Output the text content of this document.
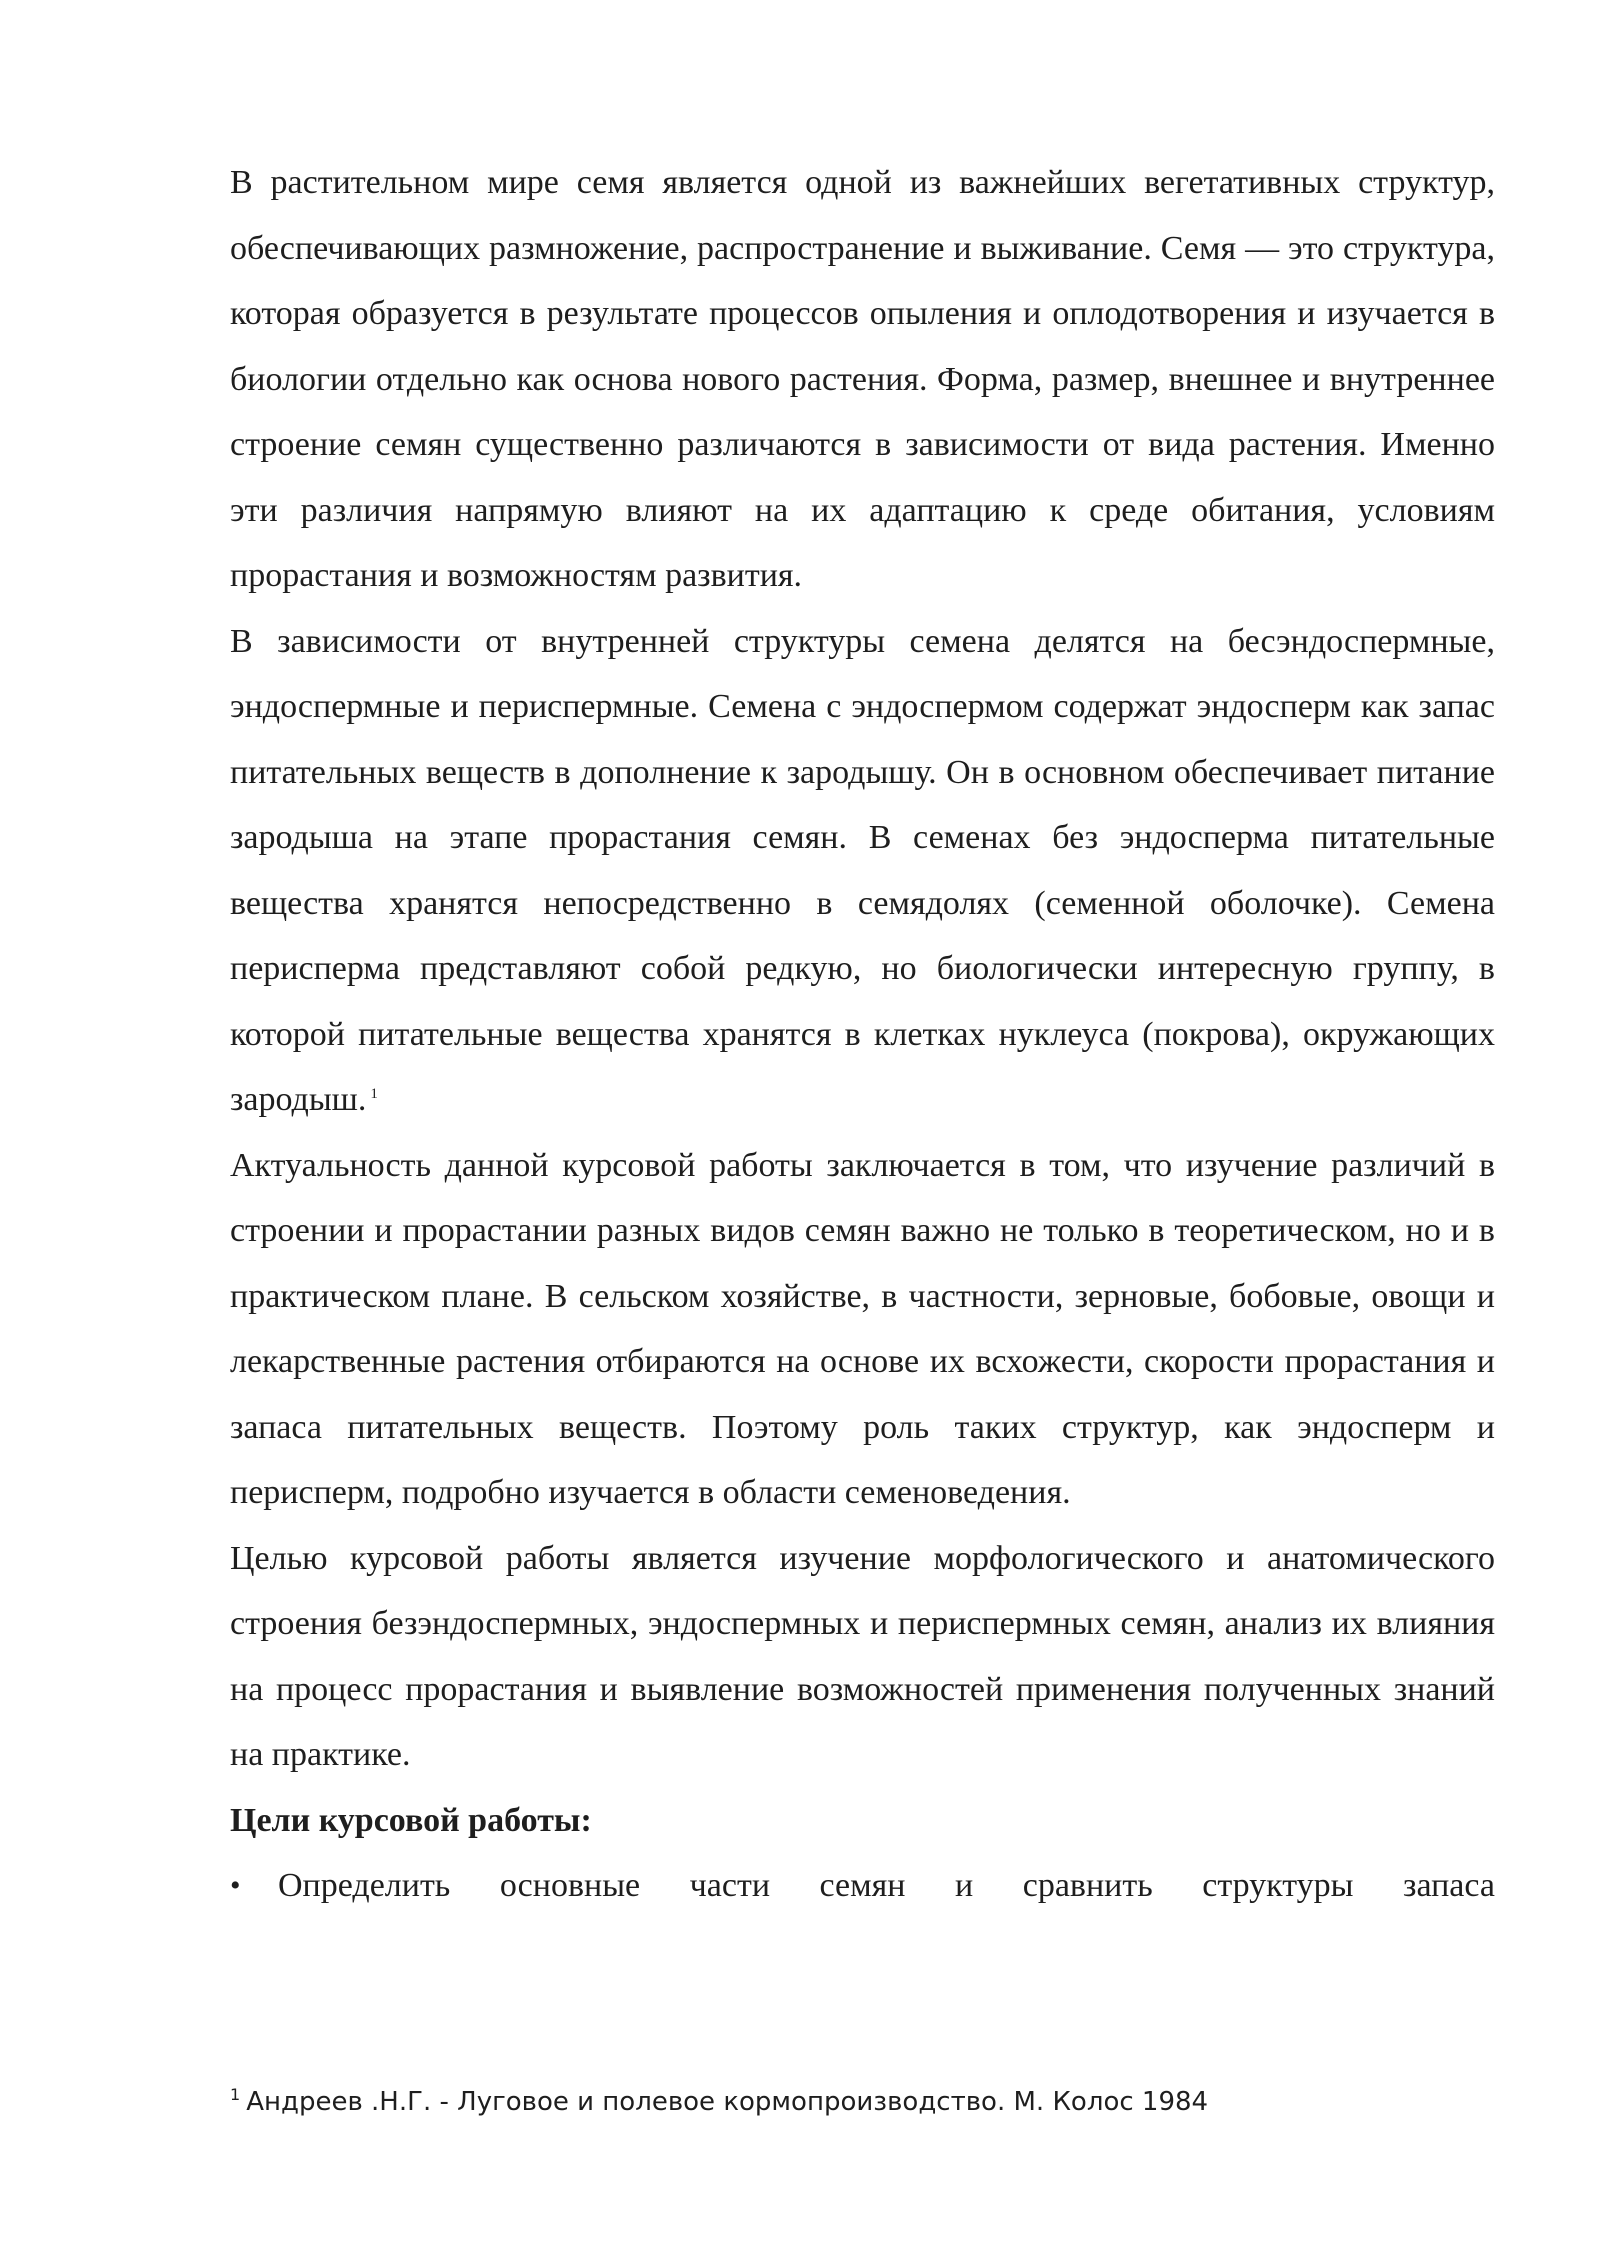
В растительном мире семя является одной из важнейших вегетативных структур, обеспечивающих размножение, распространение и выживание. Семя — это структура, которая образуется в результате процессов опыления и оплодотворения и изучается в биологии отдельно как основа нового растения. Форма, размер, внешнее и внутреннее строение семян существенно различаются в зависимости от вида растения. Именно эти различия напрямую влияют на их адаптацию к среде обитания, условиям прорастания и возможностям развития.

В зависимости от внутренней структуры семена делятся на бесэндоспермные, эндоспермные и периспермные. Семена с эндоспермом содержат эндосперм как запас питательных веществ в дополнение к зародышу. Он в основном обеспечивает питание зародыша на этапе прорастания семян. В семенах без эндосперма питательные вещества хранятся непосредственно в семядолях (семенной оболочке). Семена периспермa представляют собой редкую, но биологически интересную группу, в которой питательные вещества хранятся в клетках нуклеуса (покрова), окружающих зародыш. $^1$

Актуальность данной курсовой работы заключается в том, что изучение различий в строении и прорастании разных видов семян важно не только в теоретическом, но и в практическом плане. В сельском хозяйстве, в частности, зерновые, бобовые, овощи и лекарственные растения отбираются на основе их всхожести, скорости прорастания и запаса питательных веществ. Поэтому роль таких структур, как эндосперм и перисперм, подробно изучается в области семеноведения.

Целью курсовой работы является изучение морфологического и анатомического строения безэндоспермных, эндоспермных и периспермных семян, анализ их влияния на процесс прорастания и выявление возможностей применения полученных знаний на практике.

Цели курсовой работы:

•	Определить основные части семян и сравнить структуры запаса
$^1$ Андреев .Н.Г. - Луговое и полевое кормопроизводство. М. Колос 1984
